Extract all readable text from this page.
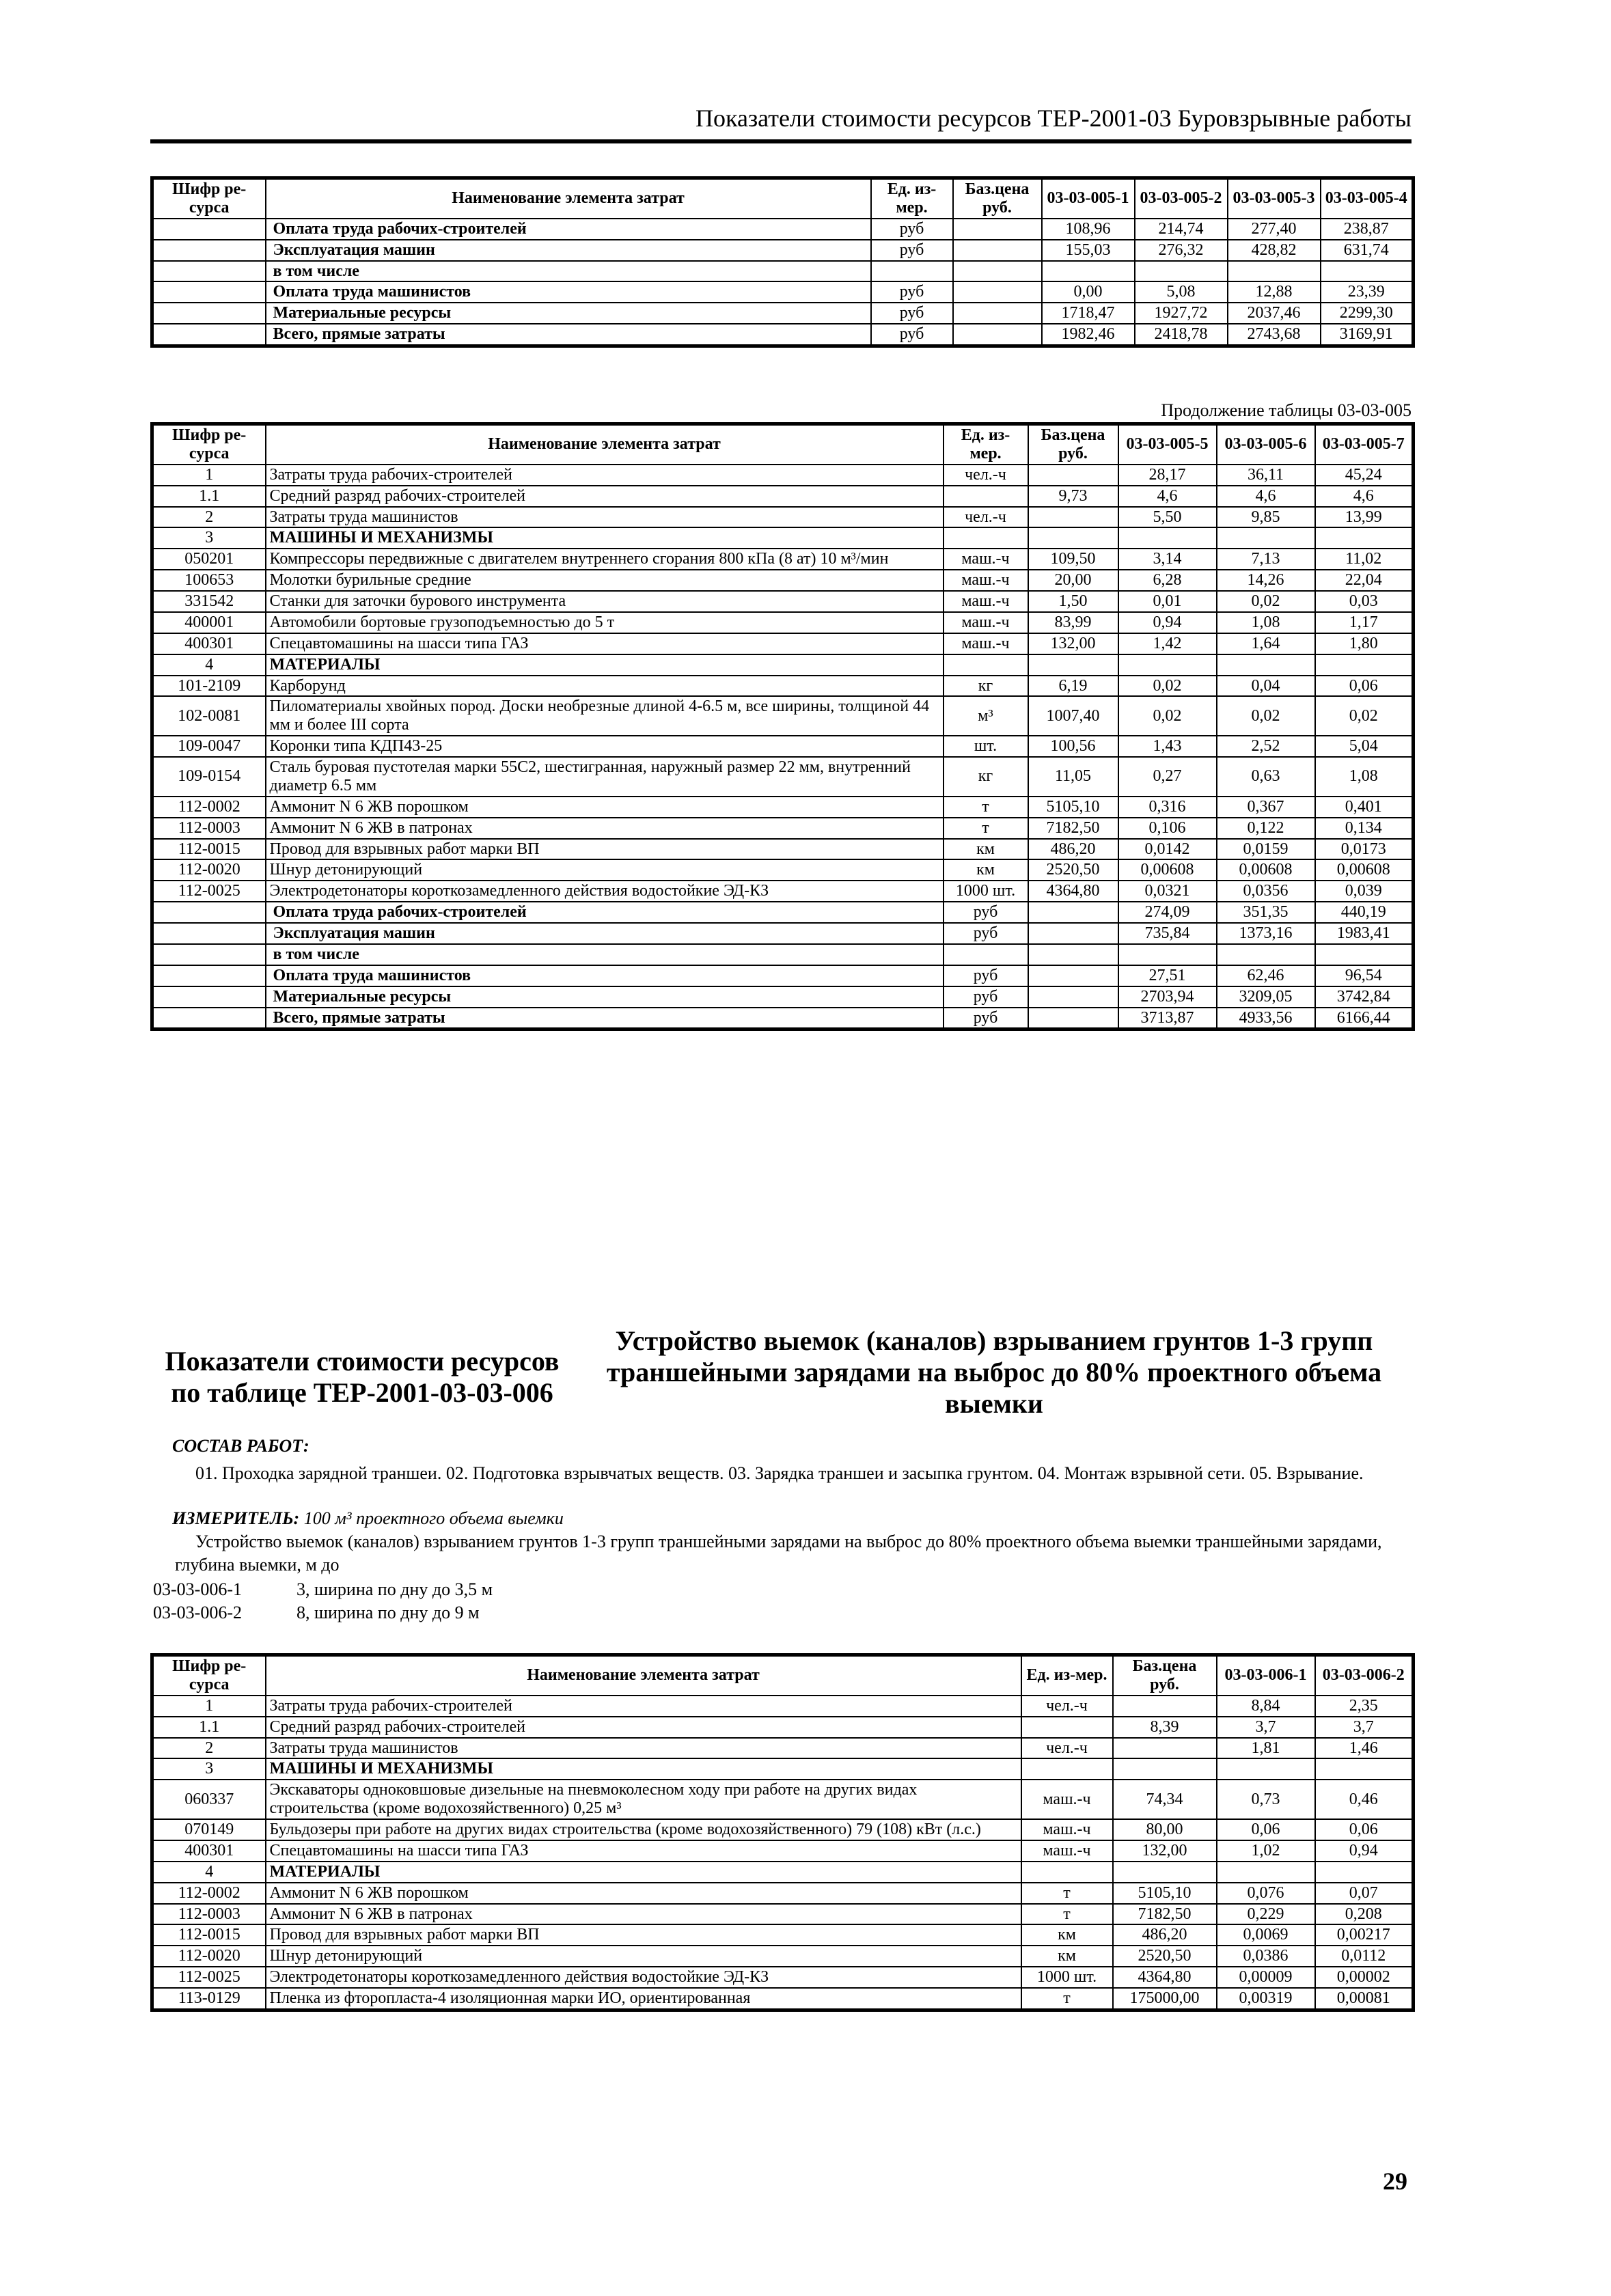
Показатели стоимости ресурсов ТЕР-2001-03 Буровзрывные работы
Шифр ре-сурса	Наименование элемента затрат	Ед. из-мер.	Баз.цена руб.	03-03-005-1	03-03-005-2	03-03-005-3	03-03-005-4
	Оплата труда рабочих-строителей	руб		108,96	214,74	277,40	238,87
	Эксплуатация машин	руб		155,03	276,32	428,82	631,74
	в том числе						
	Оплата труда машинистов	руб		0,00	5,08	12,88	23,39
	Материальные ресурсы	руб		1718,47	1927,72	2037,46	2299,30
	Всего, прямые затраты	руб		1982,46	2418,78	2743,68	3169,91
Продолжение таблицы 03-03-005
Шифр ре-сурса	Наименование элемента затрат	Ед. из-мер.	Баз.цена руб.	03-03-005-5	03-03-005-6	03-03-005-7
1	Затраты труда рабочих-строителей	чел.-ч		28,17	36,11	45,24
1.1	Средний разряд рабочих-строителей		9,73	4,6	4,6	4,6
2	Затраты труда машинистов	чел.-ч		5,50	9,85	13,99
3	МАШИНЫ И МЕХАНИЗМЫ					
050201	Компрессоры передвижные с двигателем внутреннего сгорания 800 кПа (8 ат) 10 м³/мин	маш.-ч	109,50	3,14	7,13	11,02
100653	Молотки бурильные средние	маш.-ч	20,00	6,28	14,26	22,04
331542	Станки для заточки бурового инструмента	маш.-ч	1,50	0,01	0,02	0,03
400001	Автомобили бортовые грузоподъемностью до 5 т	маш.-ч	83,99	0,94	1,08	1,17
400301	Спецавтомашины на шасси типа ГАЗ	маш.-ч	132,00	1,42	1,64	1,80
4	МАТЕРИАЛЫ					
101-2109	Карборунд	кг	6,19	0,02	0,04	0,06
102-0081	Пиломатериалы хвойных пород. Доски необрезные длиной 4-6.5 м, все ширины, толщиной 44 мм и более III сорта	м³	1007,40	0,02	0,02	0,02
109-0047	Коронки типа КДП43-25	шт.	100,56	1,43	2,52	5,04
109-0154	Сталь буровая пустотелая марки 55С2, шестигранная, наружный размер 22 мм, внутренний диаметр 6.5 мм	кг	11,05	0,27	0,63	1,08
112-0002	Аммонит N 6 ЖВ порошком	т	5105,10	0,316	0,367	0,401
112-0003	Аммонит N 6 ЖВ в патронах	т	7182,50	0,106	0,122	0,134
112-0015	Провод для взрывных работ марки ВП	км	486,20	0,0142	0,0159	0,0173
112-0020	Шнур детонирующий	км	2520,50	0,00608	0,00608	0,00608
112-0025	Электродетонаторы короткозамедленного действия водостойкие ЭД-КЗ	1000 шт.	4364,80	0,0321	0,0356	0,039
	Оплата труда рабочих-строителей	руб		274,09	351,35	440,19
	Эксплуатация машин	руб		735,84	1373,16	1983,41
	в том числе					
	Оплата труда машинистов	руб		27,51	62,46	96,54
	Материальные ресурсы	руб		2703,94	3209,05	3742,84
	Всего, прямые затраты	руб		3713,87	4933,56	6166,44
Показатели стоимости ресурсов по таблице ТЕР-2001-03-03-006
Устройство выемок (каналов) взрыванием грунтов 1-3 групп траншейными зарядами на выброс до 80% проектного объема выемки
СОСТАВ РАБОТ:
01. Проходка зарядной траншеи. 02. Подготовка взрывчатых веществ. 03. Зарядка траншеи и засыпка грунтом. 04. Монтаж взрывной сети. 05. Взрывание.
ИЗМЕРИТЕЛЬ: 100 м³ проектного объема выемки
Устройство выемок (каналов) взрыванием грунтов 1-3 групп траншейными зарядами на выброс до 80% проектного объема выемки траншейными зарядами, глубина выемки, м до
03-03-006-1	3, ширина по дну до 3,5 м
03-03-006-2	8, ширина по дну до 9 м
Шифр ре-сурса	Наименование элемента затрат	Ед. из-мер.	Баз.цена руб.	03-03-006-1	03-03-006-2
1	Затраты труда рабочих-строителей	чел.-ч		8,84	2,35
1.1	Средний разряд рабочих-строителей		8,39	3,7	3,7
2	Затраты труда машинистов	чел.-ч		1,81	1,46
3	МАШИНЫ И МЕХАНИЗМЫ				
060337	Экскаваторы одноковшовые дизельные на пневмоколесном ходу при работе на других видах строительства (кроме водохозяйственного) 0,25 м³	маш.-ч	74,34	0,73	0,46
070149	Бульдозеры при работе на других видах строительства (кроме водохозяйственного) 79 (108) кВт (л.с.)	маш.-ч	80,00	0,06	0,06
400301	Спецавтомашины на шасси типа ГАЗ	маш.-ч	132,00	1,02	0,94
4	МАТЕРИАЛЫ				
112-0002	Аммонит N 6 ЖВ порошком	т	5105,10	0,076	0,07
112-0003	Аммонит N 6 ЖВ в патронах	т	7182,50	0,229	0,208
112-0015	Провод для взрывных работ марки ВП	км	486,20	0,0069	0,00217
112-0020	Шнур детонирующий	км	2520,50	0,0386	0,0112
112-0025	Электродетонаторы короткозамедленного действия водостойкие ЭД-КЗ	1000 шт.	4364,80	0,00009	0,00002
113-0129	Пленка из фторопласта-4 изоляционная марки ИО, ориентированная	т	175000,00	0,00319	0,00081
29
